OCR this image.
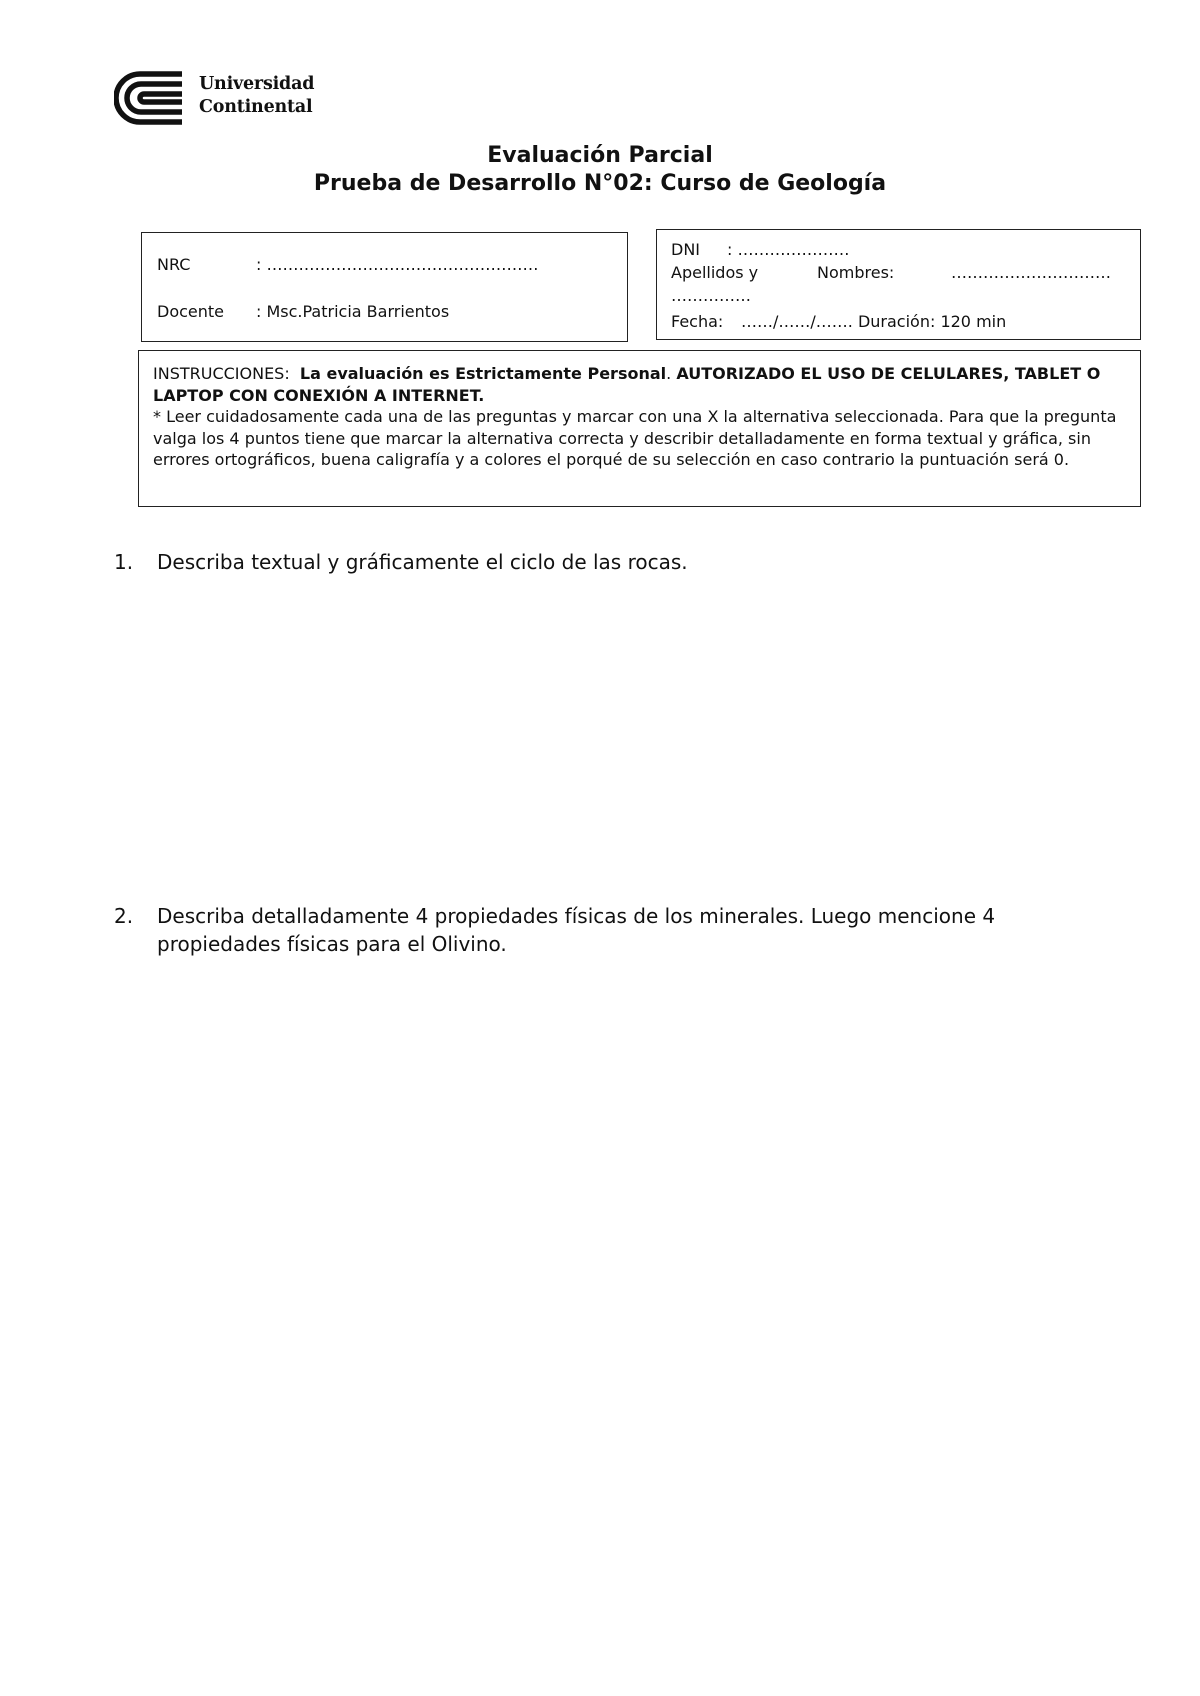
Universidad
Continental
Evaluación Parcial
Prueba de Desarrollo N°02: Curso de Geología
NRC	: ……………………………………………
Docente : Msc.Patricia Barrientos
DNI : …………………
Apellidos y	Nombres:	…………………………
……………
Fecha: ……/……/……. Duración: 120 min
INSTRUCCIONES: La evaluación es Estrictamente Personal. AUTORIZADO EL USO DE CELULARES, TABLET O LAPTOP CON CONEXIÓN A INTERNET.
* Leer cuidadosamente cada una de las preguntas y marcar con una X la alternativa seleccionada. Para que la pregunta valga los 4 puntos tiene que marcar la alternativa correcta y describir detalladamente en forma textual y gráfica, sin errores ortográficos, buena caligrafía y a colores el porqué de su selección en caso contrario la puntuación será 0.
1. Describa textual y gráficamente el ciclo de las rocas.
2. Describa detalladamente 4 propiedades físicas de los minerales. Luego mencione 4 propiedades físicas para el Olivino.
